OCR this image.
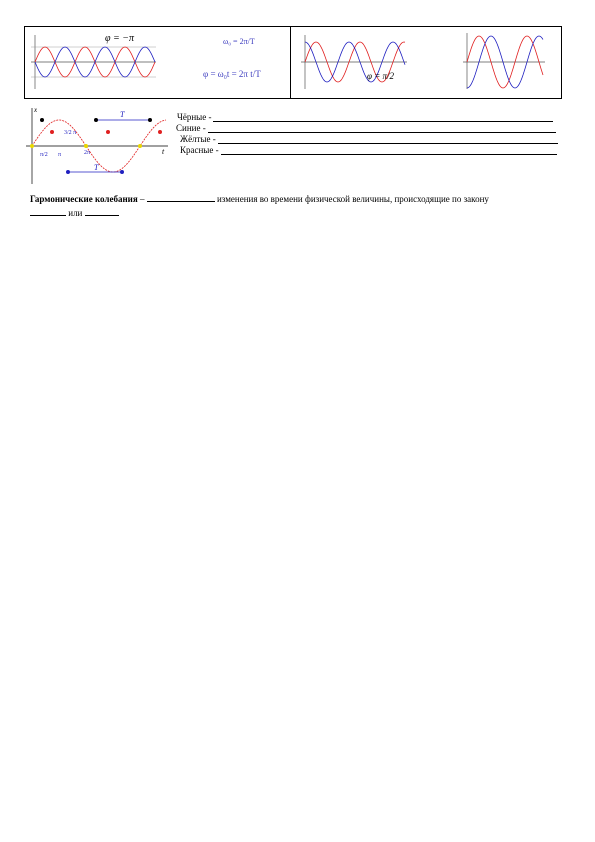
φ = −π	ω₀ = 2π/T
φ = ω₀t = 2π t/T	φ = π/2
x
t
T
T
3/2 π
π/2 π	2π
Чёрные -
Синие -
Жёлтые -
Красные -
Гармонические колебания –	изменения во времени физической величины, происходящие по закону
или
